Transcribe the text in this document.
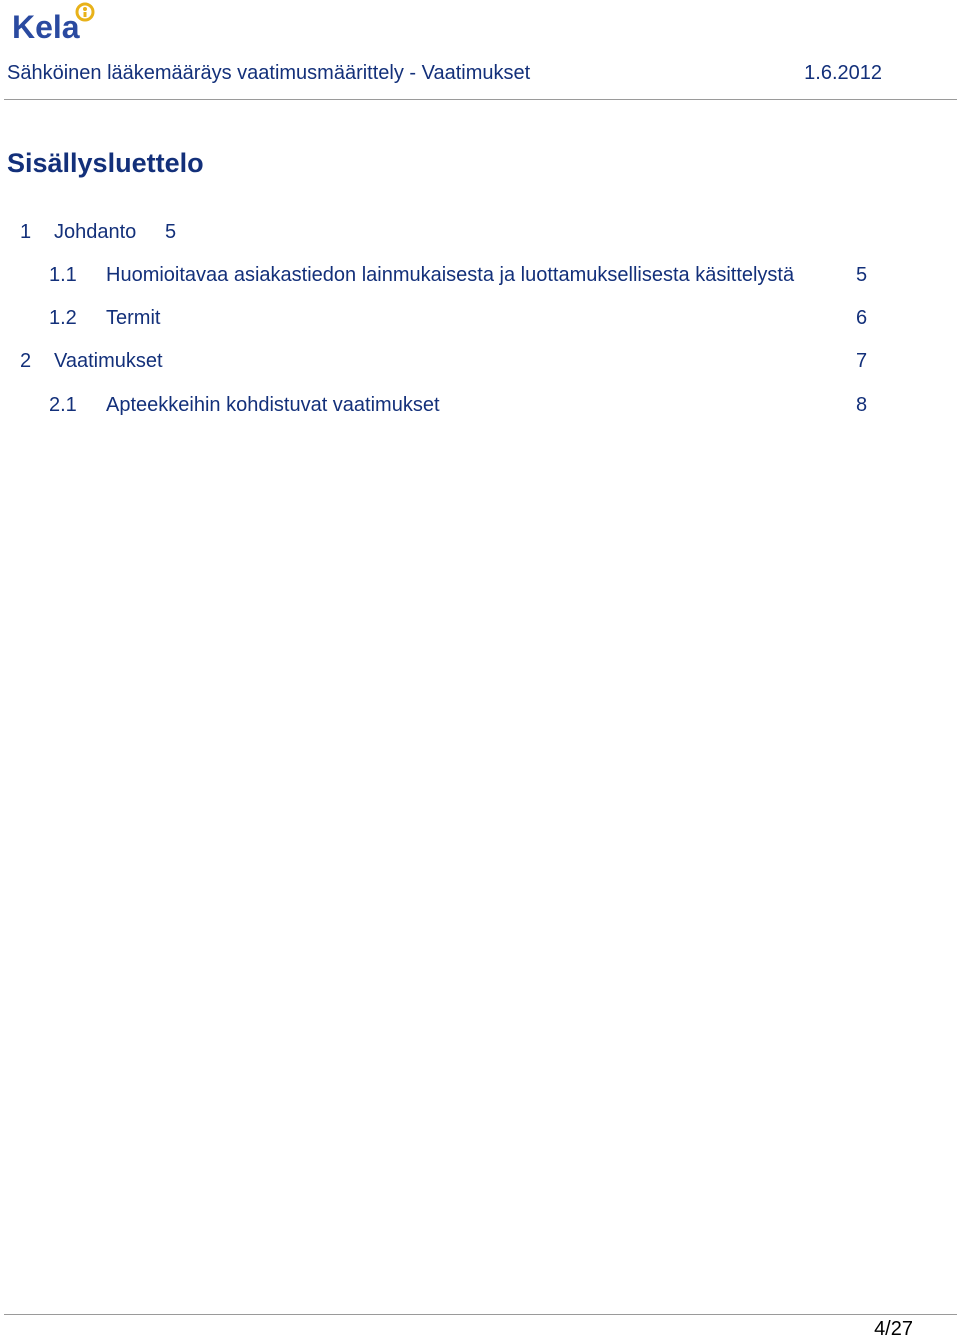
Kela
Sähköinen lääkemääräys vaatimusmäärittely - Vaatimukset	1.6.2012
Sisällysluettelo
1 Johdanto 5
1.1 Huomioitavaa asiakastiedon lainmukaisesta ja luottamuksellisesta käsittelystä	5
1.2 Termit	6
2 Vaatimukset	7
2.1 Apteekkeihin kohdistuvat vaatimukset	8
4/27
